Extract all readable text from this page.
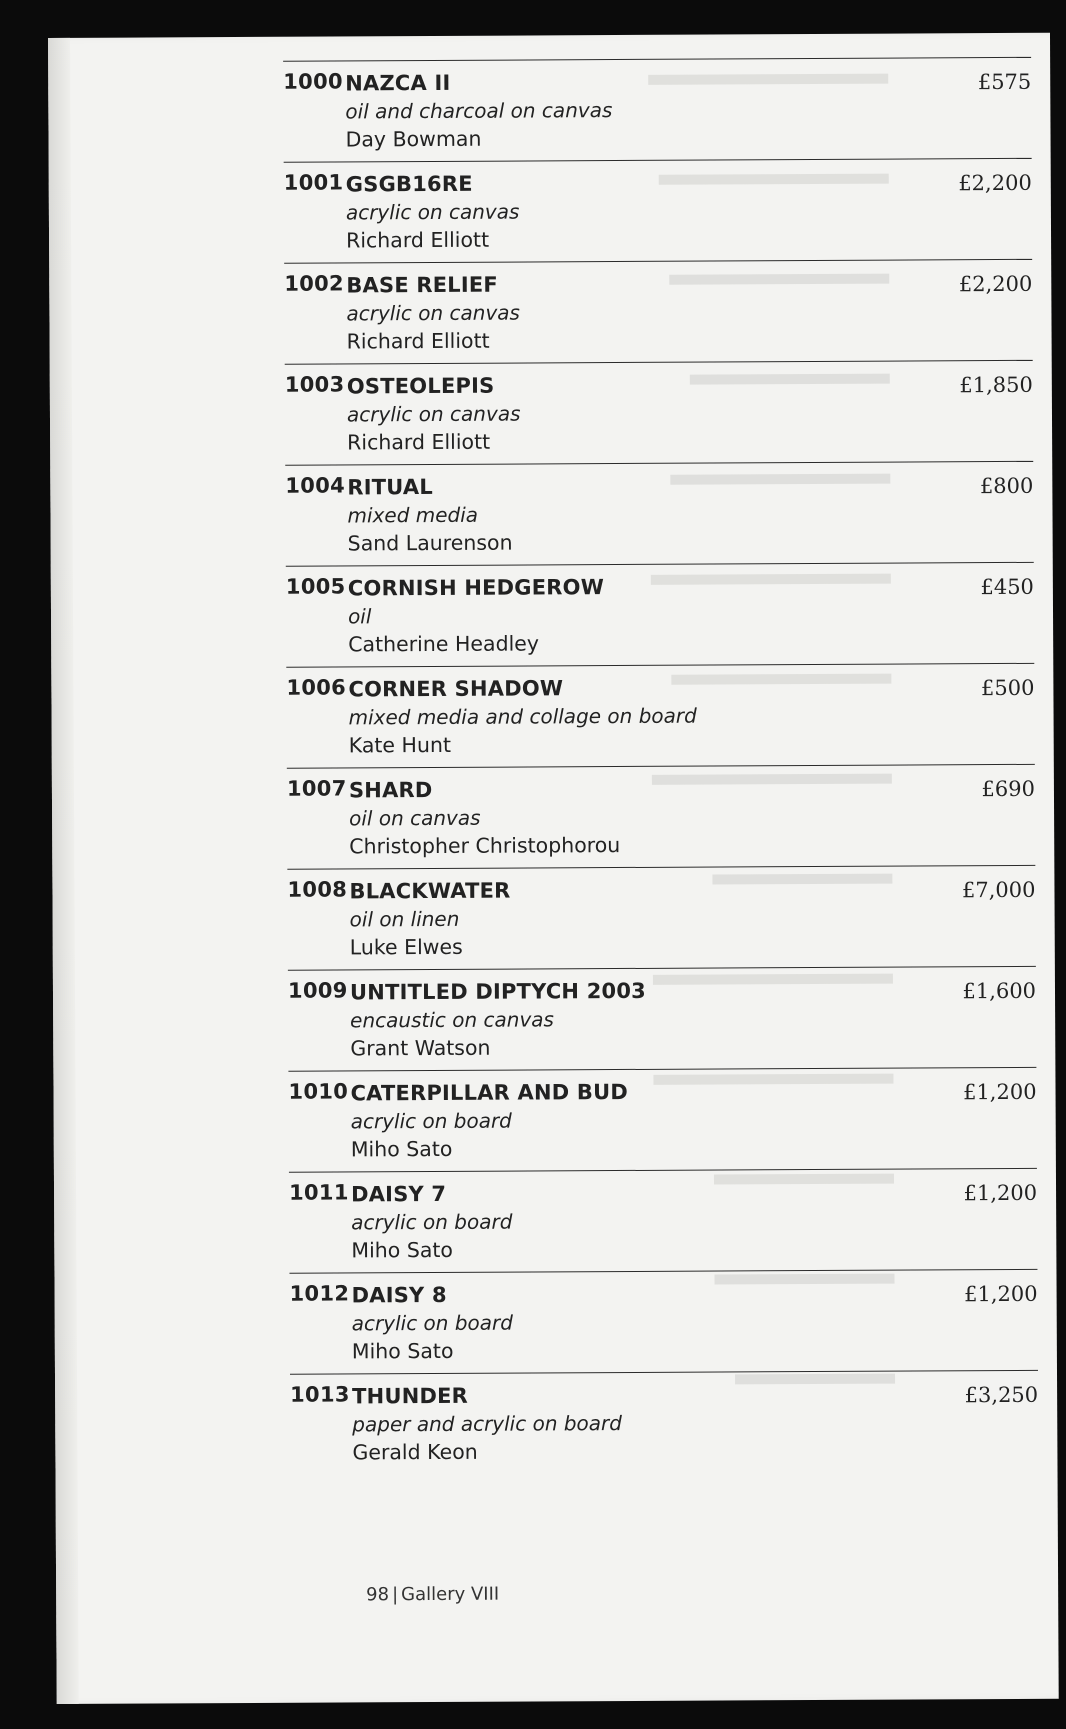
1000 NAZCA II
oil and charcoal on canvas
Day Bowman
£575
1001 GSGB16RE
acrylic on canvas
Richard Elliott
£2,200
1002 BASE RELIEF
acrylic on canvas
Richard Elliott
£2,200
1003 OSTEOLEPIS
acrylic on canvas
Richard Elliott
£1,850
1004 RITUAL
mixed media
Sand Laurenson
£800
1005 CORNISH HEDGEROW
oil
Catherine Headley
£450
1006 CORNER SHADOW
mixed media and collage on board
Kate Hunt
£500
1007 SHARD
oil on canvas
Christopher Christophorou
£690
1008 BLACKWATER
oil on linen
Luke Elwes
£7,000
1009 UNTITLED DIPTYCH 2003
encaustic on canvas
Grant Watson
£1,600
1010 CATERPILLAR AND BUD
acrylic on board
Miho Sato
£1,200
1011 DAISY 7
acrylic on board
Miho Sato
£1,200
1012 DAISY 8
acrylic on board
Miho Sato
£1,200
1013 THUNDER
paper and acrylic on board
Gerald Keon
£3,250
98 | Gallery VIII
